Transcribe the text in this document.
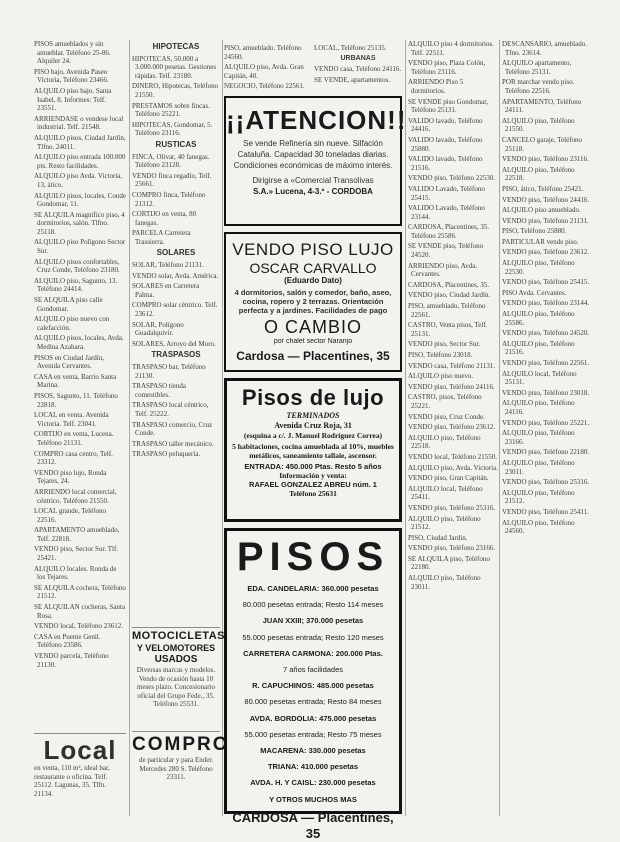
PISOS amueblados y sin amueblar. Teléfono 25-86. Alquiler 24.

PISO bajo, Avenida Paseo Victoria, Teléfono 23466.

ALQUILO piso bajo. Santa Isabel, 8. Informes: Telf. 23551.

ARRIENDASE o vendese local industrial. Telf. 21548.

ALQUILO pisos, Ciudad Jardín, Tlfno. 24011.

ALQUILO piso entrada 100.000 pts. Resto facilidades.

ALQUILO piso Avda. Victoria, 13, ático.

ALQUILO pisos, locales, Conde Gondomar, 11.

SE ALQUILA magnífico piso, 4 dormitorios, salón. Tlfno. 25118.

ALQUILO piso Polígono Sector Sur.

ALQUILO pisos confortables, Cruz Conde, Teléfono 23180.

ALQUILO piso, Sagunto, 13. Teléfono 24414.

SE ALQUILA piso calle Gondomar.

ALQUILO piso nuevo con calefacción.

ALQUILO pisos, locales, Avda. Medina Azahara.

PISOS en Ciudad Jardín, Avenida Cervantes.

CASA en venta, Barrio Santa Marina.

PISOS, Sagunto, 11. Teléfono 22818.

LOCAL en venta. Avenida Victoria. Telf. 23041.

CORTIJO en venta, Lucena. Teléfono 21131.

COMPRO casa centro, Telf. 23312.

VENDO piso lujo, Ronda Tejares, 24.

ARRIENDO local comercial, céntrico. Teléfono 21550.

LOCAL grande, Teléfono 22516.

APARTAMENTO amueblado, Telf. 22818.

VENDO piso, Sector Sur. Tlf. 25421.

ALQUILO locales. Ronda de los Tejares.

SE ALQUILA cochera, Teléfono 21512.

SE ALQUILAN cocheras, Santa Rosa.

VENDO local, Teléfono 23612.

CASA en Puente Genil. Teléfono 23586.

VENDO parcela, Teléfono 21130.

Local
en venta, 110 m², ideal bar, restaurante o oficina. Telf. 25112. Lagunas, 35. Tlfn. 21134.
HIPOTECAS

HIPOTECAS, 50.000 a 3.000.000 pesetas. Gestiones rápidas. Telf. 23180.

DINERO, Hipotecas, Teléfono 21550.

PRESTAMOS sobre fincas. Teléfono 25221.

HIPOTECAS, Gondomar, 5. Teléfono 23116.

RUSTICAS

FINCA, Olivar, 40 fanegas. Teléfono 23128.

VENDO finca regadío, Telf. 25661.

COMPRO finca, Teléfono 21312.

CORTIJO en venta, 80 fanegas.

PARCELA Carretera Trassierra.

SOLARES

SOLAR, Teléfono 21131.

VENDO solar, Avda. América.

SOLARES en Carretera Palma.

COMPRO solar céntrico. Telf. 23612.

SOLAR, Polígono Guadalquivir.

SOLARES, Arroyo del Moro.

TRASPASOS

TRASPASO bar, Teléfono 21130.

TRASPASO tienda comestibles.

TRASPASO local céntrico, Telf. 25222.

TRASPASO comercio, Cruz Conde.

TRASPASO taller mecánico.

TRASPASO peluquería.

MOTOCICLETAS
Y VELOMOTORES
USADOS
Diversas marcas y modelos. Vendo de ocasión hasta 10 meses plazo. Concesionario oficial del Grupo Fede., 35. Teléfono 25531.
COMPRO
de particular y para Ender. Mercedes 280 S. Teléfono 23311.

PISO, amueblado, Teléfono 24560.

ALQUILO piso, Avda. Gran Capitán, 40.

NEGOCIO, Teléfono 22561.

LOCAL, Teléfono 25135.

URBANAS

VENDO casa, Teléfono 24116.

SE VENDE, apartamentos.

¡¡ATENCION!!
Se vende Refinería sin nueve. Silfación Cataluña. Capacidad 30 toneladas diarias. Condiciones económicas de máximo interés.
Dirigirse a «Comercial Transolivas
S.A.» Lucena, 4-3.º - CORDOBA
VENDO PISO LUJO
OSCAR CARVALLO
(Eduardo Dato)
4 dormitorios, salón y comedor, baño, aseo, cocina, ropero y 2 terrazas. Orientación perfecta y a jardines. Facilidades de pago
O CAMBIO
por chalet sector Naranjo
Cardosa — Placentines, 35
Pisos de lujo
TERMINADOS
Avenida Cruz Roja, 31
(esquina a c/. J. Manuel Rodríguez Correa)
5 habitaciones, cocina amueblada al 10%, muebles metálicos, saneamiento tallaie, ascensor.
ENTRADA: 450.000 Ptas. Resto 5 años
Información y venta:
RAFAEL GONZALEZ ABREU núm. 1
Teléfono 25631
PISOS
EDA. CANDELARIA: 360.000 pesetas
80.000 pesetas entrada; Resto 114 meses
JUAN XXIII; 370.000 pesetas
55.000 pesetas entrada; Resto 120 meses
CARRETERA CARMONA: 200.000 Ptas.
7 años facilidades
R. CAPUCHINOS: 485.000 pesetas
80.000 pesetas entrada; Resto 84 meses
AVDA. BORDOLIA: 475.000 pesetas
55.000 pesetas entrada; Resto 75 meses
MACARENA: 330.000 pesetas
TRIANA: 410.000 pesetas
AVDA. H. Y CAISL: 230.000 pesetas
Y OTROS MUCHOS MAS
CARDOSA — Placentines, 35

ALQUILO piso 4 dormitorios. Telf. 22511.

VENDO piso, Plaza Colón, Teléfono 23116.

ARRIENDO Piso 5 dormitorios.

SE VENDE piso Gondomar, Teléfono 25131.

VALIDO lavado, Teléfono 24416.

VALIDO lavado, Teléfono 25880.

VALIDO lavado, Teléfono 21516.

VENDO piso, Teléfono 22530.

VALIDO Lavado, Teléfono 25415.

VALIDO Lavado, Teléfono 23144.

CARDOSA, Placentines, 35. Teléfono 25586.

SE VENDE piso, Teléfono 24520.

ARRIENDO piso, Avda. Cervantes.

CARDOSA, Placentines, 35.

VENDO piso, Ciudad Jardín.

PISO, amueblado, Teléfono 22561.

CASTRO, Venta pisos, Telf. 25131.

VENDO piso, Sector Sur.

PISO, Teléfono 23018.

VENDO casa, Teléfono 21131.

ALQUILO piso nuevo.

VENDO piso, Teléfono 24116.

CASTRO, pisos, Teléfono 25221.

VENDO piso, Cruz Conde.

VENDO piso, Teléfono 23612.

ALQUILO piso, Teléfono 22518.

VENDO local, Teléfono 21550.

ALQUILO piso, Avda. Victoria.

VENDO piso, Gran Capitán.

ALQUILO local, Teléfono 25411.

VENDO piso, Teléfono 25316.

ALQUILO piso, Teléfono 21512.

PISO, Ciudad Jardín.

VENDO piso, Teléfono 23166.

SE ALQUILA piso, Teléfono 22180.

ALQUILO piso, Teléfono 23011.

DESCANSARIO, amueblado. Tfno. 23614.

ALQUILO apartamento, Teléfono 25131.

POR marchar vendo piso. Teléfono 22516.

APARTAMENTO, Teléfono 24111.

ALQUILO piso, Teléfono 21550.

CANCELO garaje, Teléfono 25118.

VENDO piso, Teléfono 23116.

ALQUILO piso, Teléfono 22518.

PISO, ático, Teléfono 25421.

VENDO piso, Teléfono 24416.

ALQUILO piso amueblado.

VENDO piso, Teléfono 21131.

PISO, Teléfono 25880.

PARTICULAR vende piso.

VENDO piso, Teléfono 23612.

ALQUILO piso, Teléfono 22530.

VENDO piso, Teléfono 25415.

PISO Avda. Cervantes.

VENDO piso, Teléfono 23144.

ALQUILO piso, Teléfono 25586.

VENDO piso, Teléfono 24520.

ALQUILO piso, Teléfono 21516.

VENDO piso, Teléfono 22561.

ALQUILO local, Teléfono 25131.

VENDO piso, Teléfono 23018.

ALQUILO piso, Teléfono 24116.

VENDO piso, Teléfono 25221.

ALQUILO piso, Teléfono 23166.

VENDO piso, Teléfono 22180.

ALQUILO piso, Teléfono 23011.

VENDO piso, Teléfono 25316.

ALQUILO piso, Teléfono 21512.

VENDO piso, Teléfono 25411.

ALQUILO piso, Teléfono 24560.
